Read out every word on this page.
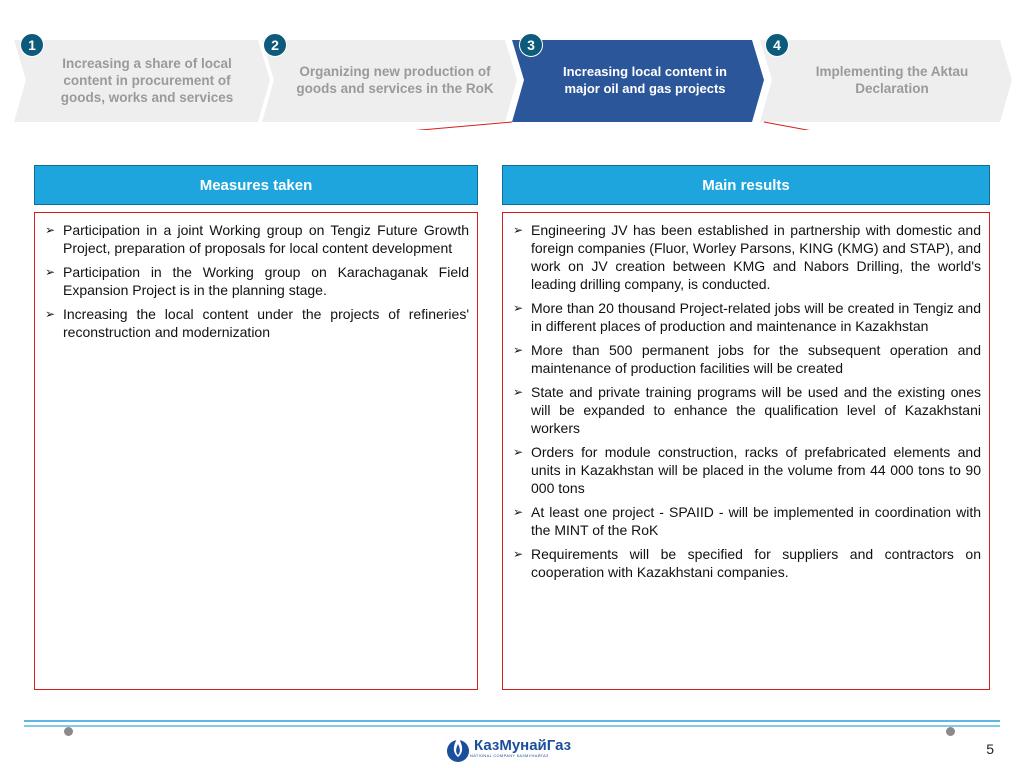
Increasing a share of local content in procurement of goods, works and services
Organizing new production of goods and services in the RoK
Increasing local content in major oil and gas projects
Implementing the Aktau Declaration
1	2	3	4
Measures taken	Main results
➢ Participation in a joint Working group on Tengiz Future Growth Project, preparation of proposals for local content development
➢ Participation in the Working group on Karachaganak Field Expansion Project is in the planning stage.
➢ Increasing the local content under the projects of refineries' reconstruction and modernization
➢ Engineering JV has been established in partnership with domestic and foreign companies (Fluor, Worley Parsons, KING (KMG) and STAP), and work on JV creation between KMG and Nabors Drilling, the world's leading drilling company, is conducted.
➢ More than 20 thousand Project-related jobs will be created in Tengiz and in different places of production and maintenance in Kazakhstan
➢ More than 500 permanent jobs for the subsequent operation and maintenance of production facilities will be created
➢ State and private training programs will be used and the existing ones will be expanded to enhance the qualification level of Kazakhstani workers
➢ Orders for module construction, racks of prefabricated elements and units in Kazakhstan will be placed in the volume from 44 000 tons to 90 000 tons
➢ At least one project - SPAIID - will be implemented in coordination with the MINT of the RoK
➢ Requirements will be specified for suppliers and contractors on cooperation with Kazakhstani companies.
КазМунайГаз
NATIONAL COMPANY КАЗМУНАЙГАЗ	5
